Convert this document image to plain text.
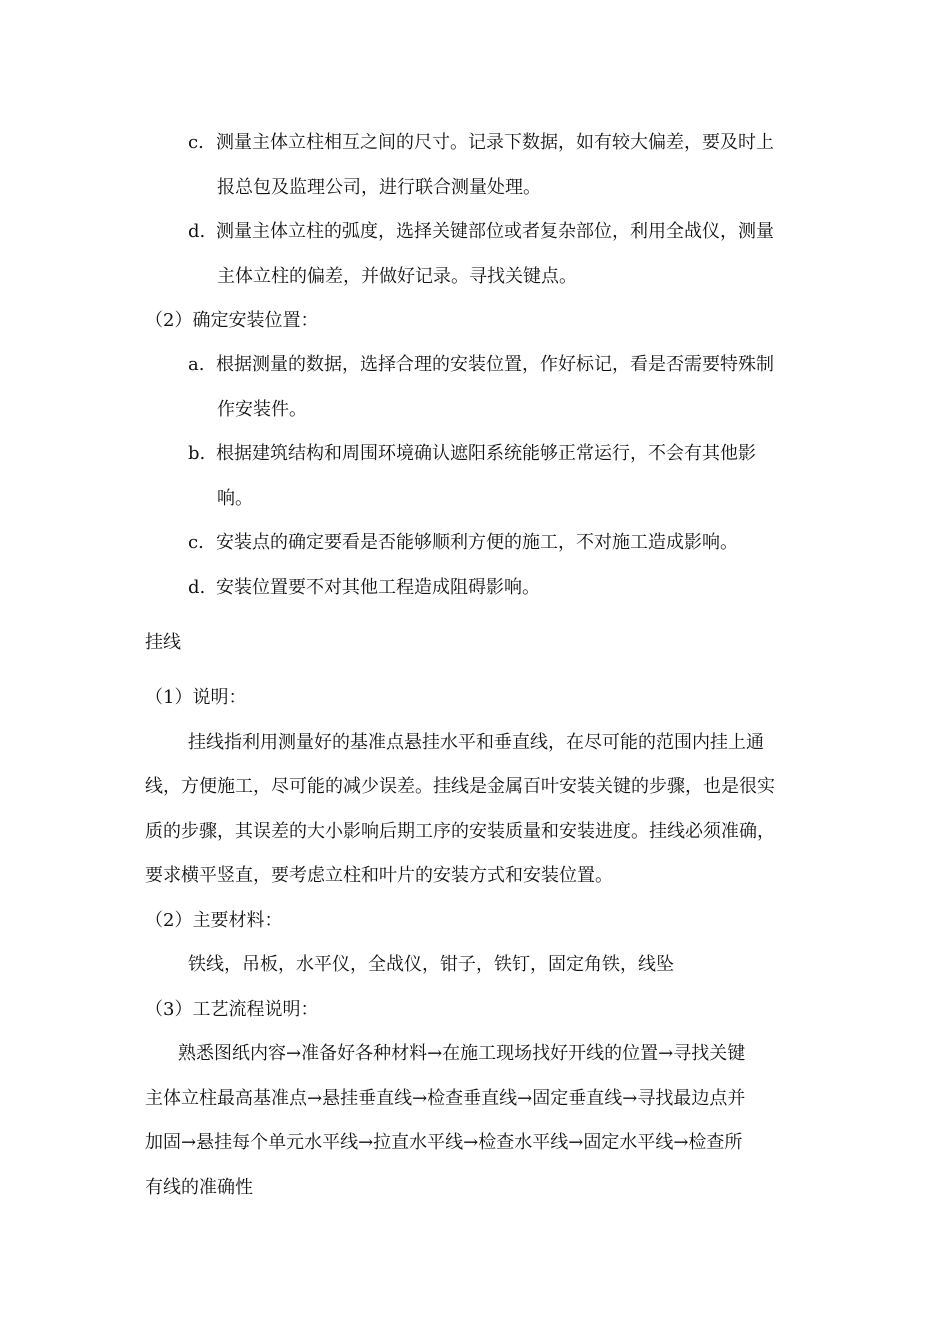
c. 测量主体立柱相互之间的尺寸。记录下数据，如有较大偏差，要及时上
报总包及监理公司，进行联合测量处理。
d. 测量主体立柱的弧度，选择关键部位或者复杂部位，利用全战仪，测量
主体立柱的偏差，并做好记录。寻找关键点。
（2）确定安装位置：
a. 根据测量的数据，选择合理的安装位置，作好标记，看是否需要特殊制
作安装件。
b. 根据建筑结构和周围环境确认遮阳系统能够正常运行，不会有其他影
响。
c. 安装点的确定要看是否能够顺利方便的施工，不对施工造成影响。
d. 安装位置要不对其他工程造成阻碍影响。
挂线
（1）说明：
挂线指利用测量好的基准点悬挂水平和垂直线，在尽可能的范围内挂上通
线，方便施工，尽可能的减少误差。挂线是金属百叶安装关键的步骤，也是很实
质的步骤，其误差的大小影响后期工序的安装质量和安装进度。挂线必须准确，
要求横平竖直，要考虑立柱和叶片的安装方式和安装位置。
（2）主要材料：
铁线，吊板，水平仪，全战仪，钳子，铁钉，固定角铁，线坠
（3）工艺流程说明：
熟悉图纸内容→准备好各种材料→在施工现场找好开线的位置→寻找关键
主体立柱最高基准点→悬挂垂直线→检查垂直线→固定垂直线→寻找最边点并
加固→悬挂每个单元水平线→拉直水平线→检查水平线→固定水平线→检查所
有线的准确性
